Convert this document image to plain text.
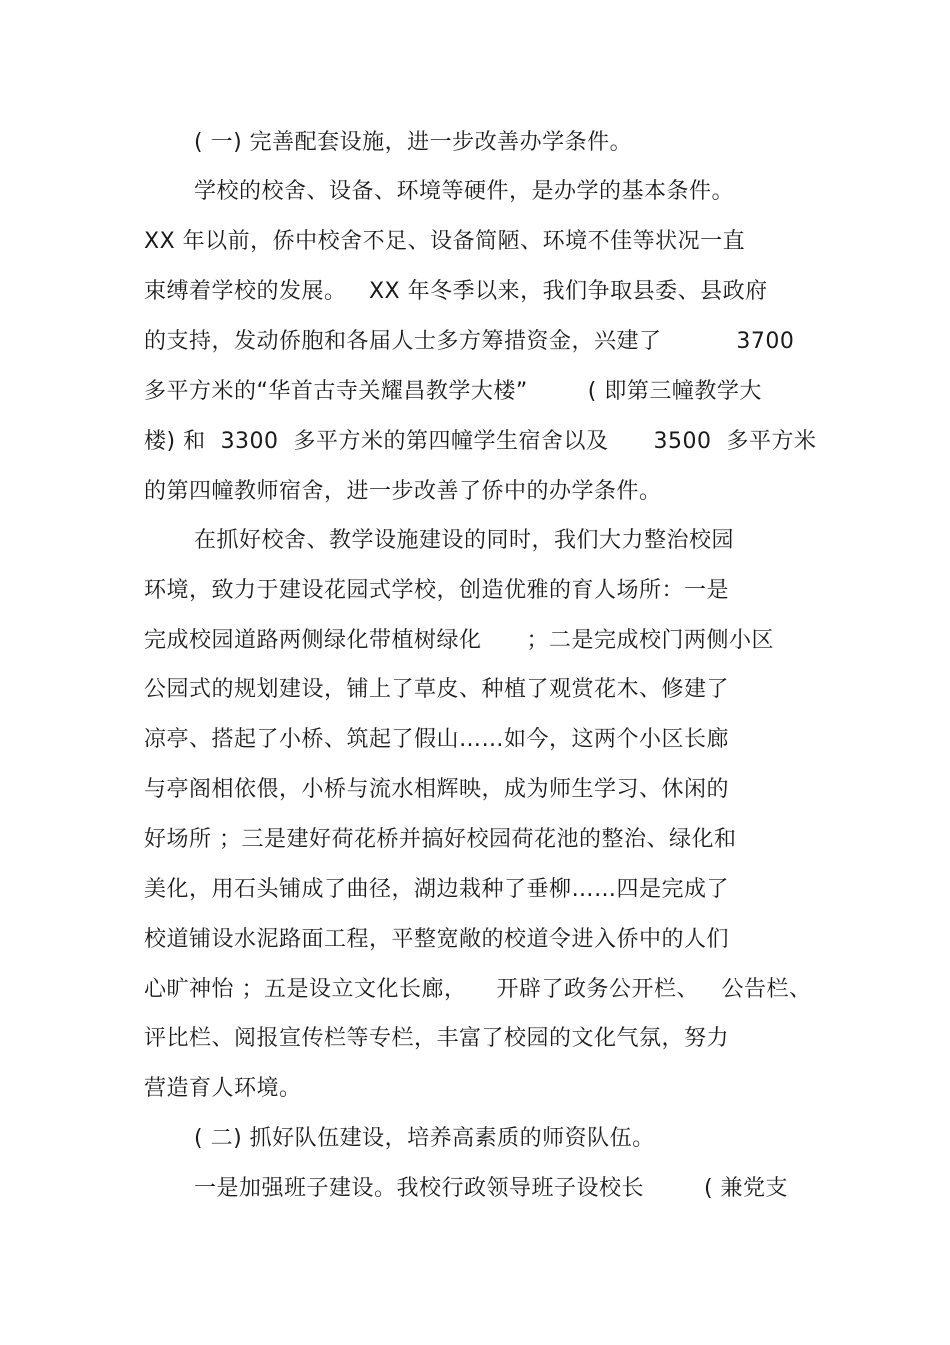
( 一) 完善配套设施，进一步改善办学条件。
学校的校舍、设备、环境等硬件，是办学的基本条件。
XX 年以前，侨中校舍不足、设备简陋、环境不佳等状况一直
束缚着学校的发展。   XX 年冬季以来，我们争取县委、县政府
的支持，发动侨胞和各届人士多方筹措资金，兴建了          3700
多平方米的“华首古寺关耀昌教学大楼”        ( 即第三幢教学大
楼) 和  3300  多平方米的第四幢学生宿舍以及      3500  多平方米
的第四幢教师宿舍，进一步改善了侨中的办学条件。
在抓好校舍、教学设施建设的同时，我们大力整治校园
环境，致力于建设花园式学校，创造优雅的育人场所：一是
完成校园道路两侧绿化带植树绿化      ；二是完成校门两侧小区
公园式的规划建设，铺上了草皮、种植了观赏花木、修建了
凉亭、搭起了小桥、筑起了假山……如今，这两个小区长廊
与亭阁相依偎，小桥与流水相辉映，成为师生学习、休闲的
好场所 ；三是建好荷花桥并搞好校园荷花池的整治、绿化和
美化，用石头铺成了曲径，湖边栽种了垂柳……四是完成了
校道铺设水泥路面工程，平整宽敞的校道令进入侨中的人们
心旷神怡 ；五是设立文化长廊，    开辟了政务公开栏、   公告栏、
评比栏、阅报宣传栏等专栏，丰富了校园的文化气氛，努力
营造育人环境。
( 二) 抓好队伍建设，培养高素质的师资队伍。
一是加强班子建设。我校行政领导班子设校长        ( 兼党支
